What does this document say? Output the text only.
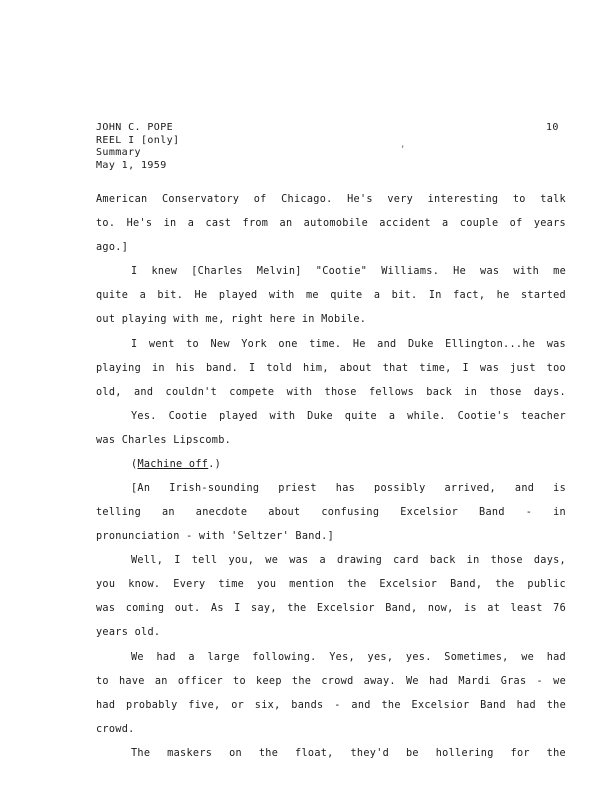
JOHN C. POPE
REEL I [only]
Summary
May 1, 1959
10
,
American Conservatory of Chicago. He's very interesting to talk
to. He's in a cast from an automobile accident a couple of years
ago.]
I knew [Charles Melvin] "Cootie" Williams. He was with me
quite a bit. He played with me quite a bit. In fact, he started
out playing with me, right here in Mobile.
I went to New York one time. He and Duke Ellington...he was
playing in his band. I told him, about that time, I was just too
old, and couldn't compete with those fellows back in those days.
Yes. Cootie played with Duke quite a while. Cootie's teacher
was Charles Lipscomb.
(Machine off.)
[An Irish-sounding priest has possibly arrived, and is
telling an anecdote about confusing Excelsior Band - in
pronunciation - with 'Seltzer' Band.]
Well, I tell you, we was a drawing card back in those days,
you know. Every time you mention the Excelsior Band, the public
was coming out. As I say, the Excelsior Band, now, is at least 76
years old.
We had a large following. Yes, yes, yes. Sometimes, we had
to have an officer to keep the crowd away. We had Mardi Gras - we
had probably five, or six, bands - and the Excelsior Band had the
crowd.
The maskers on the float, they'd be hollering for the
